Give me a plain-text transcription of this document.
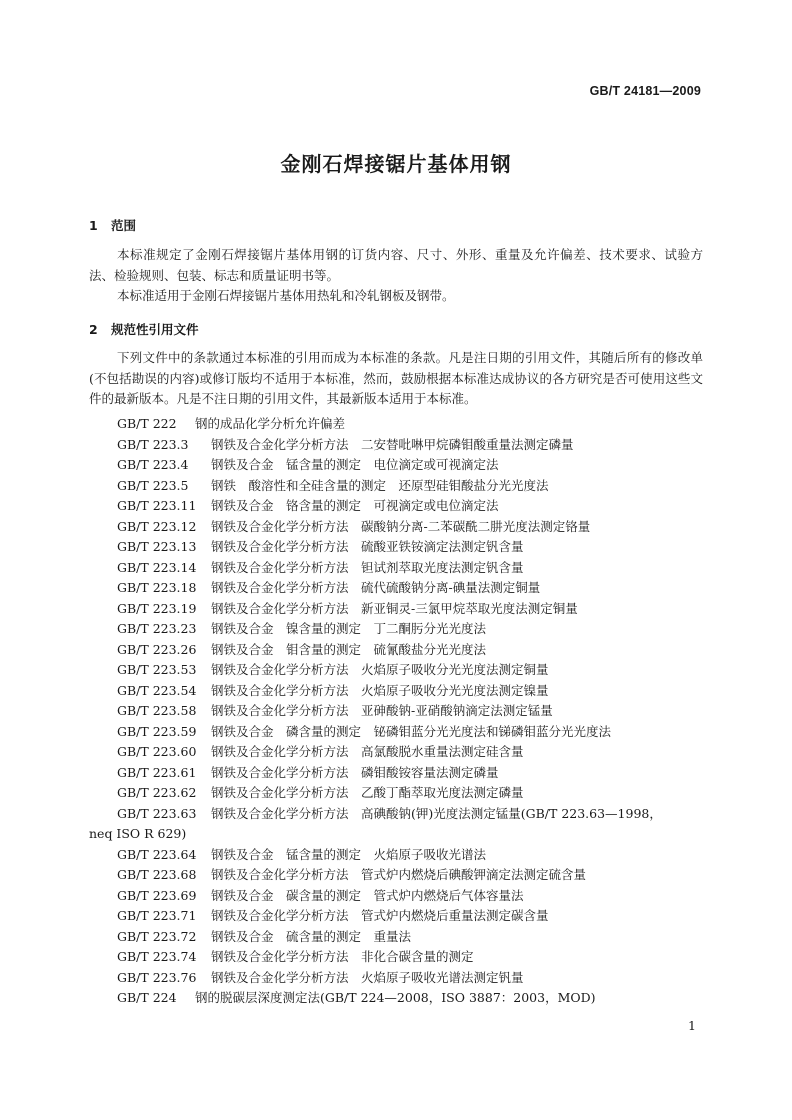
GB/T 24181—2009
金刚石焊接锯片基体用钢
1 范围
本标准规定了金刚石焊接锯片基体用钢的订货内容、尺寸、外形、重量及允许偏差、技术要求、试验方法、检验规则、包装、标志和质量证明书等。
本标准适用于金刚石焊接锯片基体用热轧和冷轧钢板及钢带。
2 规范性引用文件
下列文件中的条款通过本标准的引用而成为本标准的条款。凡是注日期的引用文件，其随后所有的修改单(不包括勘误的内容)或修订版均不适用于本标准，然而，鼓励根据本标准达成协议的各方研究是否可使用这些文件的最新版本。凡是不注日期的引用文件，其最新版本适用于本标准。
GB/T 222 钢的成品化学分析允许偏差
GB/T 223.3 钢铁及合金化学分析方法　二安替吡啉甲烷磷钼酸重量法测定磷量
GB/T 223.4 钢铁及合金　锰含量的测定　电位滴定或可视滴定法
GB/T 223.5 钢铁　酸溶性和全硅含量的测定　还原型硅钼酸盐分光光度法
GB/T 223.11 钢铁及合金　铬含量的测定　可视滴定或电位滴定法
GB/T 223.12 钢铁及合金化学分析方法　碳酸钠分离-二苯碳酰二肼光度法测定铬量
GB/T 223.13 钢铁及合金化学分析方法　硫酸亚铁铵滴定法测定钒含量
GB/T 223.14 钢铁及合金化学分析方法　钽试剂萃取光度法测定钒含量
GB/T 223.18 钢铁及合金化学分析方法　硫代硫酸钠分离-碘量法测定铜量
GB/T 223.19 钢铁及合金化学分析方法　新亚铜灵-三氯甲烷萃取光度法测定铜量
GB/T 223.23 钢铁及合金　镍含量的测定　丁二酮肟分光光度法
GB/T 223.26 钢铁及合金　钼含量的测定　硫氰酸盐分光光度法
GB/T 223.53 钢铁及合金化学分析方法　火焰原子吸收分光光度法测定铜量
GB/T 223.54 钢铁及合金化学分析方法　火焰原子吸收分光光度法测定镍量
GB/T 223.58 钢铁及合金化学分析方法　亚砷酸钠-亚硝酸钠滴定法测定锰量
GB/T 223.59 钢铁及合金　磷含量的测定　铋磷钼蓝分光光度法和锑磷钼蓝分光光度法
GB/T 223.60 钢铁及合金化学分析方法　高氯酸脱水重量法测定硅含量
GB/T 223.61 钢铁及合金化学分析方法　磷钼酸铵容量法测定磷量
GB/T 223.62 钢铁及合金化学分析方法　乙酸丁酯萃取光度法测定磷量
GB/T 223.63 钢铁及合金化学分析方法　高碘酸钠(钾)光度法测定锰量(GB/T 223.63—1998，
neq ISO R 629)
GB/T 223.64 钢铁及合金　锰含量的测定　火焰原子吸收光谱法
GB/T 223.68 钢铁及合金化学分析方法　管式炉内燃烧后碘酸钾滴定法测定硫含量
GB/T 223.69 钢铁及合金　碳含量的测定　管式炉内燃烧后气体容量法
GB/T 223.71 钢铁及合金化学分析方法　管式炉内燃烧后重量法测定碳含量
GB/T 223.72 钢铁及合金　硫含量的测定　重量法
GB/T 223.74 钢铁及合金化学分析方法　非化合碳含量的测定
GB/T 223.76 钢铁及合金化学分析方法　火焰原子吸收光谱法测定钒量
GB/T 224 钢的脱碳层深度测定法(GB/T 224—2008，ISO 3887：2003，MOD)
1
